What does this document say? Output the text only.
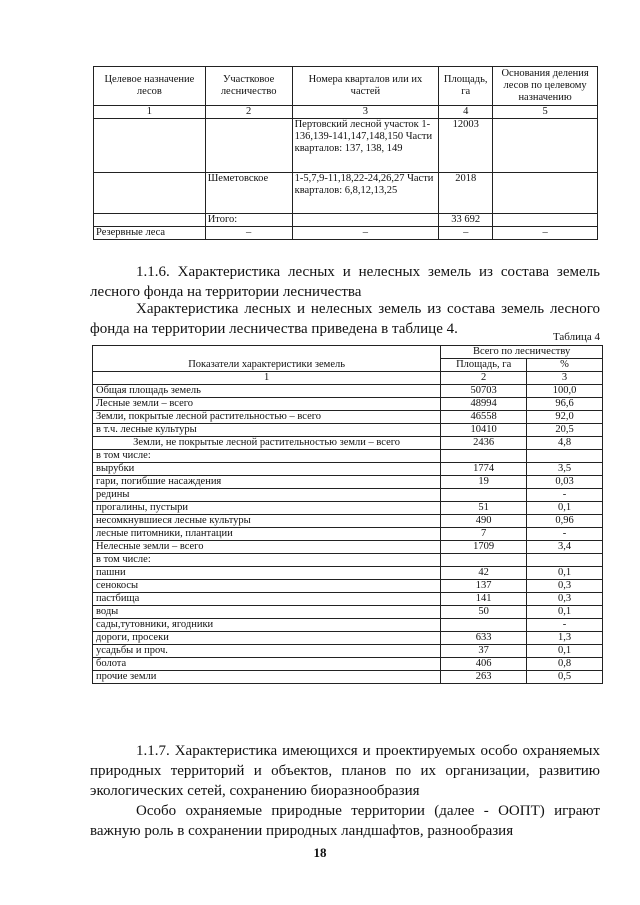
Целевое назначение лесов	Участковое лесничество	Номера кварталов или их частей	Площадь, га	Основания деления лесов по целевому назначению
1	2	3	4	5
		Пертовский лесной участок 1-136,139-141,147,148,150 Части кварталов: 137, 138, 149	12003	
	Шеметовское	1-5,7,9-11,18,22-24,26,27 Части кварталов: 6,8,12,13,25	2018	
	Итого:		33 692	
Резервные леса	–	–	–	–
1.1.6. Характеристика лесных и нелесных земель из состава земель лесного фонда на территории лесничества
Характеристика лесных и нелесных земель из состава земель лесного фонда на территории лесничества приведена в таблице 4.	Таблица 4
Показатели характеристики земель	Всего по лесничеству	
	Площадь, га	%
1	2	3
Общая площадь земель	50703	100,0
Лесные земли – всего	48994	96,6
Земли, покрытые лесной растительностью – всего	46558	92,0
в т.ч. лесные культуры	10410	20,5
Земли, не покрытые лесной растительностью земли – всего	2436	4,8
в том числе:		
вырубки	1774	3,5
гари, погибшие насаждения	19	0,03
редины		-
прогалины, пустыри	51	0,1
несомкнувшиеся лесные культуры	490	0,96
лесные питомники, плантации	7	-
Нелесные земли – всего	1709	3,4
в том числе:		
пашни	42	0,1
сенокосы	137	0,3
пастбища	141	0,3
воды	50	0,1
сады,тутовники, ягодники		-
дороги, просеки	633	1,3
усадьбы и проч.	37	0,1
болота	406	0,8
прочие земли	263	0,5
1.1.7. Характеристика имеющихся и проектируемых особо охраняемых природных территорий и объектов, планов по их организации, развитию экологических сетей, сохранению биоразнообразия
Особо охраняемые природные территории (далее - ООПТ) играют важную роль в сохранении природных ландшафтов, разнообразия
18
